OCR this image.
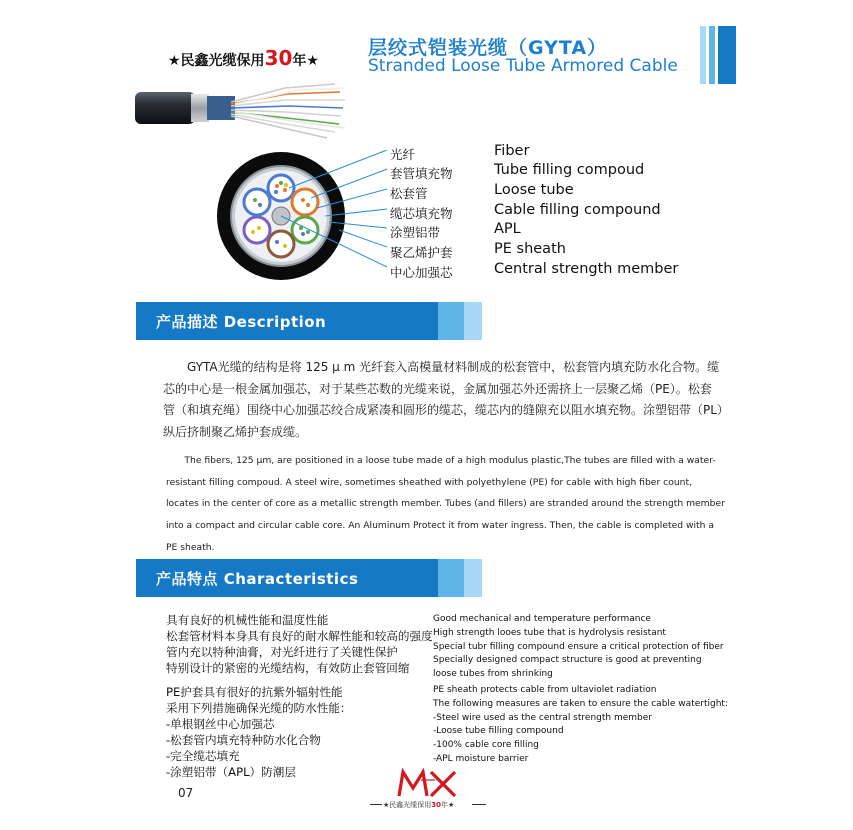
★民鑫光缆保用30年★
层绞式铠装光缆（GYTA）
Stranded Loose Tube Armored Cable
光纤	Fiber
套管填充物	Tube filling compoud
松套管	Loose tube
缆芯填充物	Cable filling compound
涂塑铝带	APL
聚乙烯护套	PE sheath
中心加强芯	Central strength member
产品描述 Description
GYTA光缆的结构是将 125 μ m 光纤套入高模量材料制成的松套管中，松套管内填充防水化合物。缆芯的中心是一根金属加强芯，对于某些芯数的光缆来说，金属加强芯外还需挤上一层聚乙烯（PE）。松套管（和填充绳）围绕中心加强芯绞合成紧凑和圆形的缆芯，缆芯内的缝隙充以阻水填充物。涂塑铝带（PL）纵后挤制聚乙烯护套成缆。
The fibers, 125 μm, are positioned in a loose tube made of a high modulus plastic,The tubes are filled with a water-resistant filling compoud. A steel wire, sometimes sheathed with polyethylene (PE) for cable with high fiber count, locates in the center of core as a metallic strength member. Tubes (and fillers) are stranded around the strength member into a compact and circular cable core. An Aluminum Protect it from water ingress. Then, the cable is completed with a PE sheath.
产品特点 Characteristics
具有良好的机械性能和温度性能
松套管材料本身具有良好的耐水解性能和较高的强度
管内充以特种油膏，对光纤进行了关键性保护
特别设计的紧密的光缆结构，有效防止套管回缩
PE护套具有很好的抗紫外辐射性能
采用下列措施确保光缆的防水性能：
-单根钢丝中心加强芯
-松套管内填充特种防水化合物
-完全缆芯填充
-涂塑铝带（APL）防潮层
Good mechanical and temperature performance
High strength looes tube that is hydrolysis resistant
Special tubr filling compound ensure a critical protection of fiber
Specially designed compact structure is good at preventing
loose tubes from shrinking
PE sheath protects cable from ultaviolet radiation
The following measures are taken to ensure the cable watertight:
-Steel wire used as the central strength member
-Loose tube filling compound
-100% cable core filling
-APL moisture barrier
07
★民鑫光缆保用30年★
